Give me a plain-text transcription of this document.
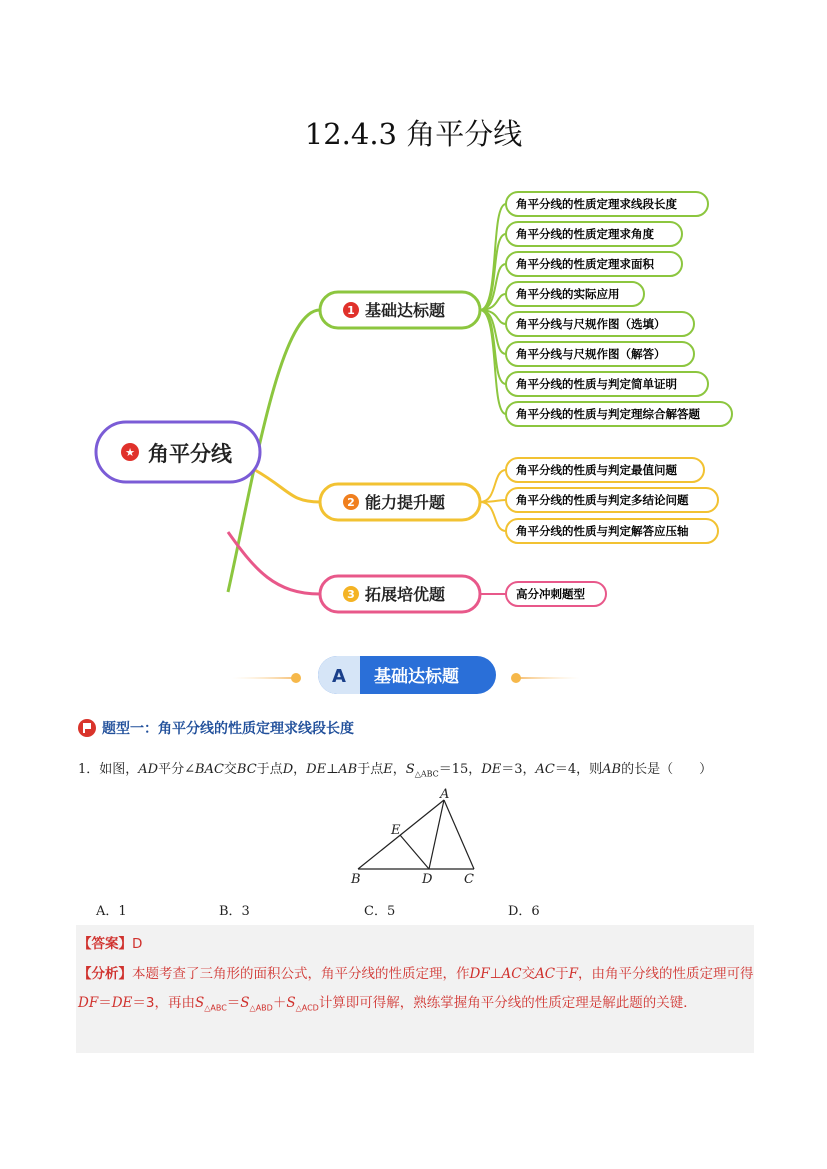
12.4.3 角平分线
★ 角平分线
1 基础达标题
2 能力提升题
3 拓展培优题
角平分线的性质定理求线段长度
角平分线的性质定理求角度
角平分线的性质定理求面积
角平分线的实际应用
角平分线与尺规作图（选填）
角平分线与尺规作图（解答）
角平分线的性质与判定简单证明
角平分线的性质与判定理综合解答题
角平分线的性质与判定最值问题
角平分线的性质与判定多结论问题
角平分线的性质与判定解答应压轴
高分冲刺题型
A 基础达标题
题型一：角平分线的性质定理求线段长度
1．如图，AD平分∠BAC交BC于点D，DE⊥AB于点E，$S_{\triangle ABC}=15$，DE＝3，AC＝4，则AB的长是（　　）
A
E
B	D C
A．1	B．3	C．5	D．6
【答案】D
【分析】本题考查了三角形的面积公式，角平分线的性质定理，作DF⊥AC交AC于F，由角平分线的性质定理可得DF＝DE＝3，再由$S_{\triangle ABC}=S_{\triangle ABD}+S_{\triangle ACD}$计算即可得解，熟练掌握角平分线的性质定理是解此题的关键．
